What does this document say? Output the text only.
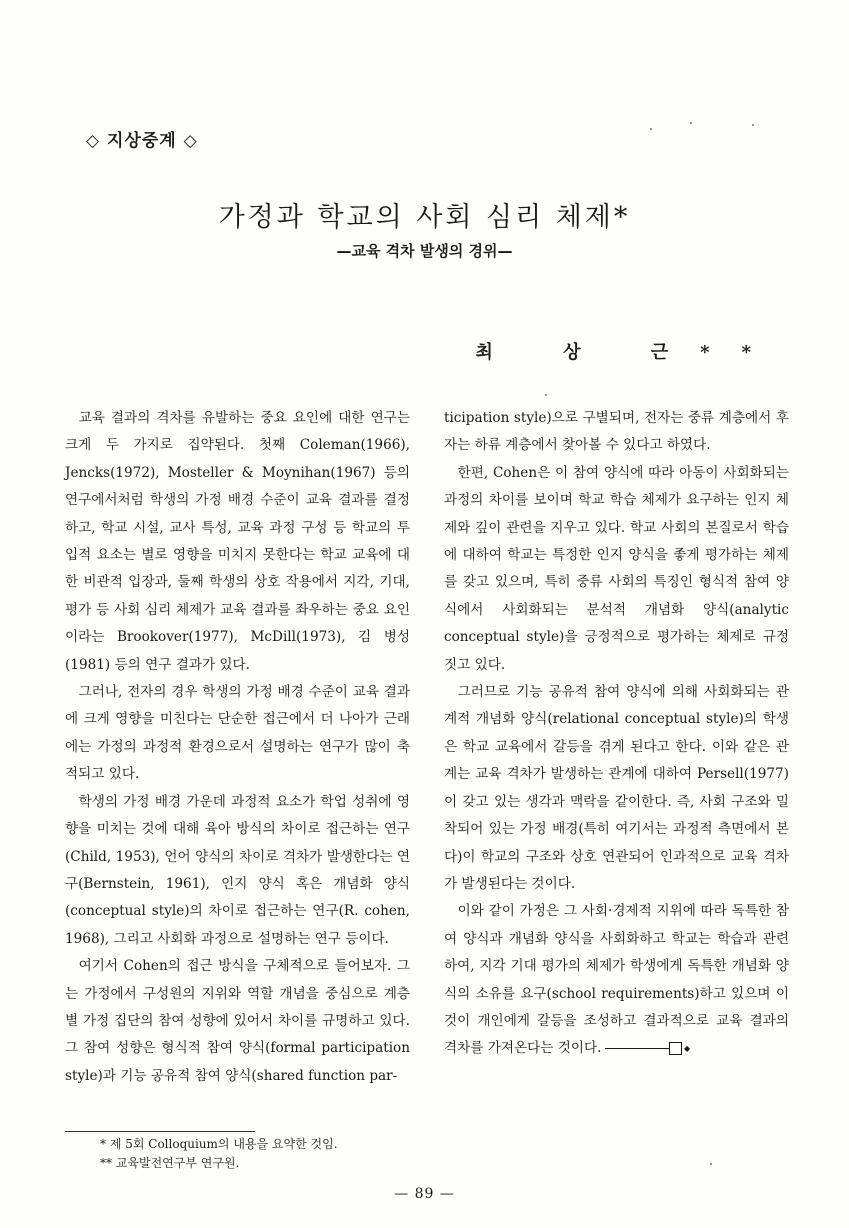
◇ 지상중계 ◇
가정과 학교의 사회 심리 체제*
—교육 격차 발생의 경위—
최 상 근**

교육 결과의 격차를 유발하는 중요 요인에 대한 연구는 크게 두 가지로 집약된다. 첫째 Coleman(1966), Jencks(1972), Mosteller & Moynihan(1967) 등의 연구에서처럼 학생의 가정 배경 수준이 교육 결과를 결정하고, 학교 시설, 교사 특성, 교육 과정 구성 등 학교의 투입적 요소는 별로 영향을 미치지 못한다는 학교 교육에 대한 비관적 입장과, 둘째 학생의 상호 작용에서 지각, 기대, 평가 등 사회 심리 체제가 교육 결과를 좌우하는 중요 요인이라는 Brookover(1977), McDill(1973), 김 병성(1981) 등의 연구 결과가 있다.

그러나, 전자의 경우 학생의 가정 배경 수준이 교육 결과에 크게 영향을 미친다는 단순한 접근에서 더 나아가 근래에는 가정의 과정적 환경으로서 설명하는 연구가 많이 축적되고 있다.

학생의 가정 배경 가운데 과정적 요소가 학업 성취에 영향을 미치는 것에 대해 육아 방식의 차이로 접근하는 연구(Child, 1953), 언어 양식의 차이로 격차가 발생한다는 연구(Bernstein, 1961), 인지 양식 혹은 개념화 양식(conceptual style)의 차이로 접근하는 연구(R. cohen, 1968), 그리고 사회화 과정으로 설명하는 연구 등이다.

여기서 Cohen의 접근 방식을 구체적으로 들어보자. 그는 가정에서 구성원의 지위와 역할 개념을 중심으로 계층별 가정 집단의 참여 성향에 있어서 차이를 규명하고 있다. 그 참여 성향은 형식적 참여 양식(formal participation style)과 기능 공유적 참여 양식(shared function par-

ticipation style)으로 구별되며, 전자는 중류 계층에서 후자는 하류 계층에서 찾아볼 수 있다고 하였다.

한편, Cohen은 이 참여 양식에 따라 아동이 사회화되는 과정의 차이를 보이며 학교 학습 체제가 요구하는 인지 체제와 깊이 관련을 지우고 있다. 학교 사회의 본질로서 학습에 대하여 학교는 특정한 인지 양식을 좋게 평가하는 체제를 갖고 있으며, 특히 중류 사회의 특징인 형식적 참여 양식에서 사회화되는 분석적 개념화 양식(analytic conceptual style)을 긍정적으로 평가하는 체제로 규정짓고 있다.

그러므로 기능 공유적 참여 양식에 의해 사회화되는 관계적 개념화 양식(relational conceptual style)의 학생은 학교 교육에서 갈등을 겪게 된다고 한다. 이와 같은 관계는 교육 격차가 발생하는 관계에 대하여 Persell(1977)이 갖고 있는 생각과 맥락을 같이한다. 즉, 사회 구조와 밀착되어 있는 가정 배경(특히 여기서는 과정적 측면에서 본다)이 학교의 구조와 상호 연관되어 인과적으로 교육 격차가 발생된다는 것이다.

이와 같이 가정은 그 사회·경제적 지위에 따라 독특한 참여 양식과 개념화 양식을 사회화하고 학교는 학습과 관련하여, 지각 기대 평가의 체제가 학생에게 독특한 개념화 양식의 소유를 요구(school requirements)하고 있으며 이것이 개인에게 갈등을 조성하고 결과적으로 교육 결과의 격차를 가져온다는 것이다.	◆

* 제 5회 Colloquium의 내용을 요약한 것임.
** 교육발전연구부 연구원.
— 89 —
